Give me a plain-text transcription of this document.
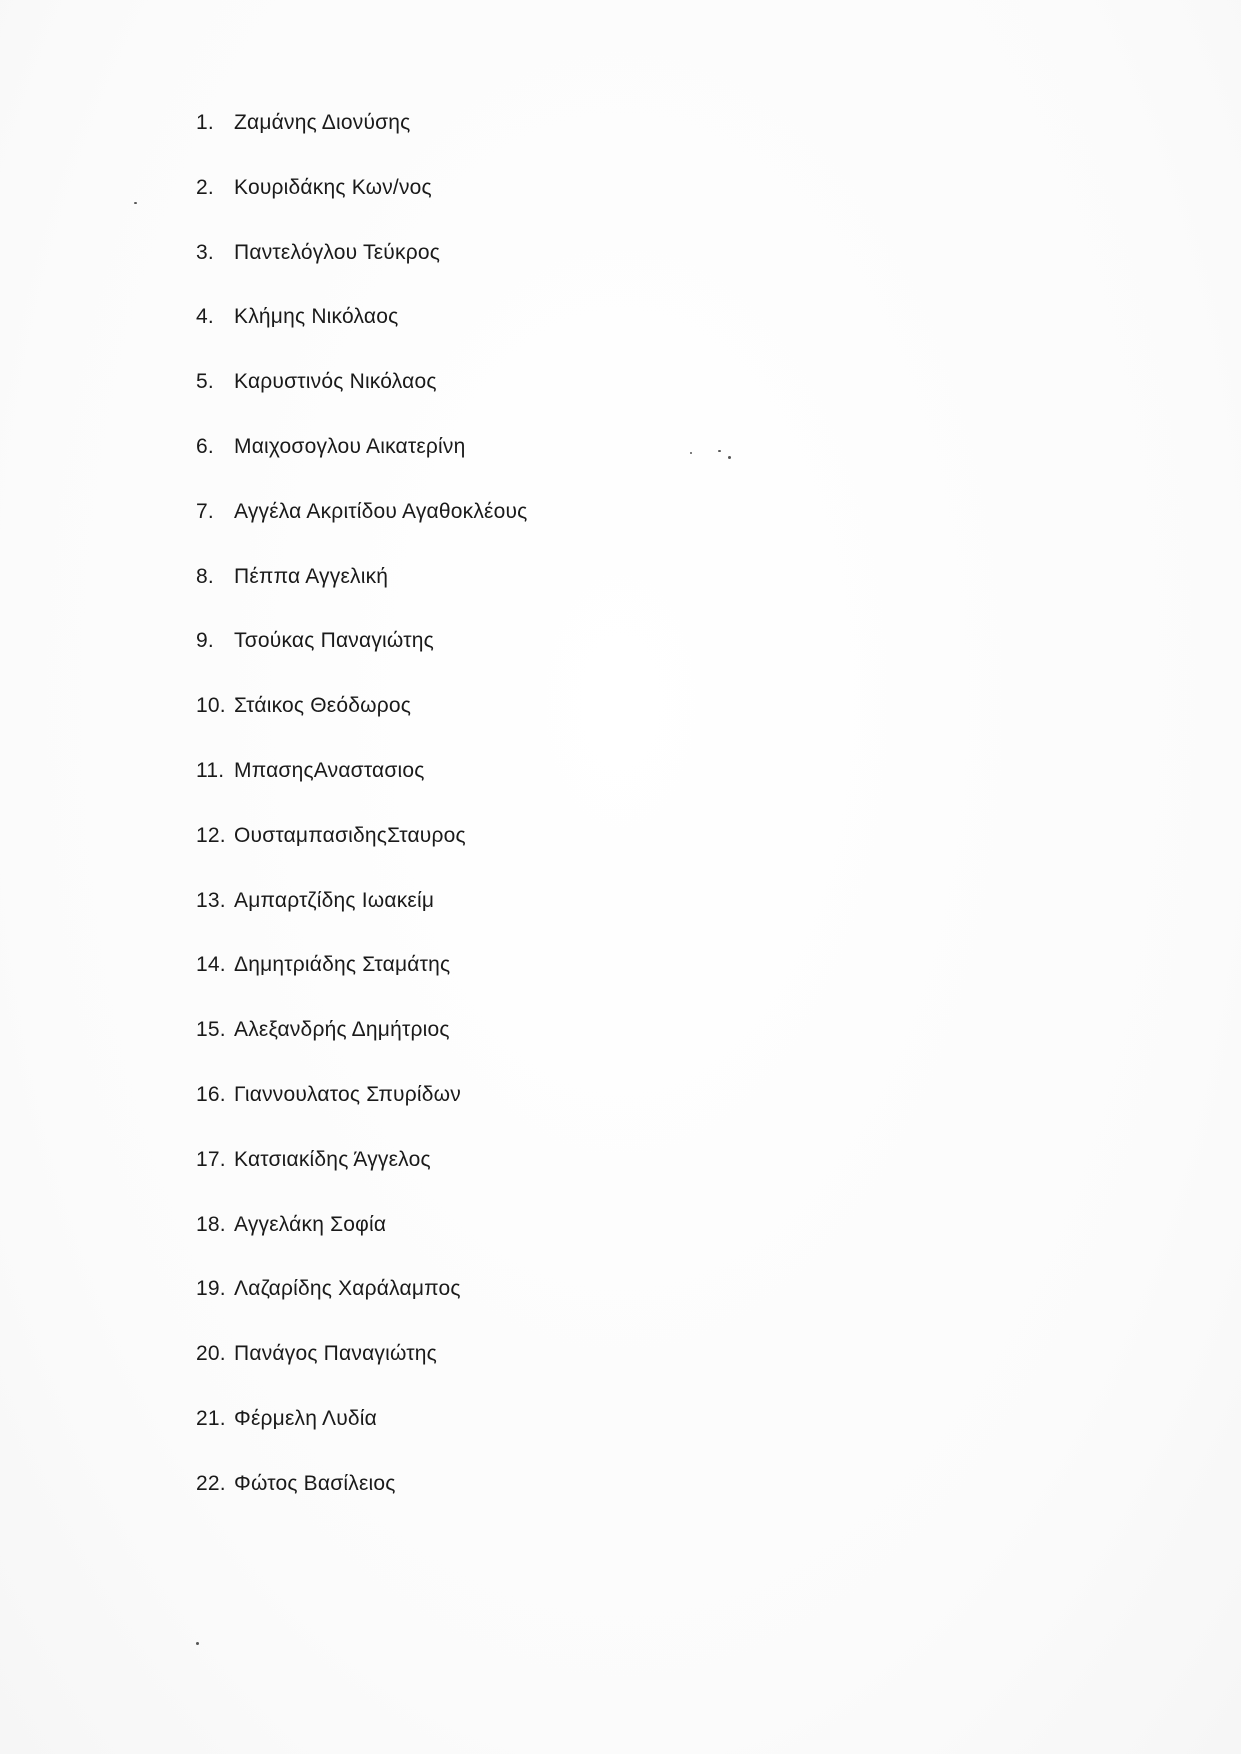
1. Ζαμάνης Διονύσης
2. Κουριδάκης Κων/νος
3. Παντελόγλου Τεύκρος
4. Κλήμης Νικόλαος
5. Καρυστινός Νικόλαος
6. Μαιχοσογλου Αικατερίνη
7. Αγγέλα Ακριτίδου Αγαθοκλέους
8. Πέππα Αγγελική
9. Τσούκας Παναγιώτης
10. Στάικος Θεόδωρος
11. ΜπασηςΑναστασιος
12. ΟυσταμπασιδηςΣταυρος
13. Αμπαρτζίδης Ιωακείμ
14. Δημητριάδης Σταμάτης
15. Αλεξανδρής Δημήτριος
16. Γιαννουλατος Σπυρίδων
17. Κατσιακίδης Άγγελος
18. Αγγελάκη Σοφία
19. Λαζαρίδης Χαράλαμπος
20. Πανάγος Παναγιώτης
21. Φέρμελη Λυδία
22. Φώτος Βασίλειος
